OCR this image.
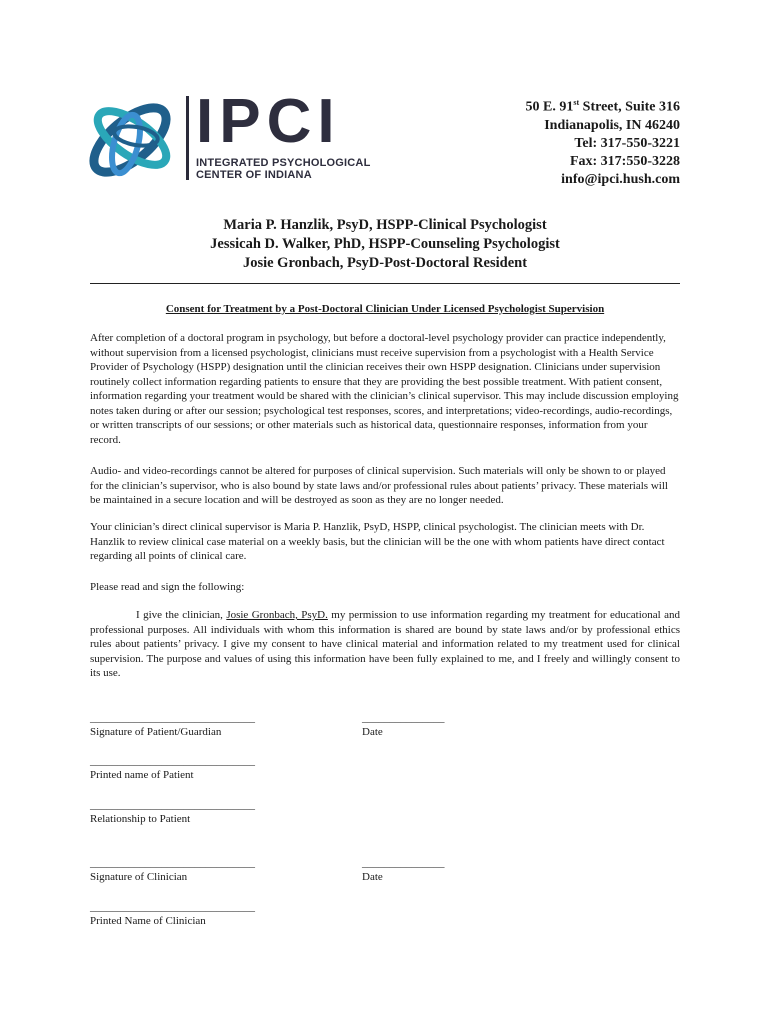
IPCI
INTEGRATED PSYCHOLOGICAL
CENTER OF INDIANA
50 E. 91st Street, Suite 316
Indianapolis, IN 46240
Tel: 317-550-3221
Fax: 317:550-3228
info@ipci.hush.com
Maria P. Hanzlik, PsyD, HSPP-Clinical Psychologist
Jessicah D. Walker, PhD, HSPP-Counseling Psychologist
Josie Gronbach, PsyD-Post-Doctoral Resident
Consent for Treatment by a Post-Doctoral Clinician Under Licensed Psychologist Supervision

After completion of a doctoral program in psychology, but before a doctoral-level psychology provider can practice independently, without supervision from a licensed psychologist, clinicians must receive supervision from a psychologist with a Health Service Provider of Psychology (HSPP) designation until the clinician receives their own HSPP designation. Clinicians under supervision routinely collect information regarding patients to ensure that they are providing the best possible treatment. With patient consent, information regarding your treatment would be shared with the clinician’s clinical supervisor. This may include discussion employing notes taken during or after our session; psychological test responses, scores, and interpretations; video-recordings, audio-recordings, or written transcripts of our sessions; or other materials such as historical data, questionnaire responses, information from your record.

Audio- and video-recordings cannot be altered for purposes of clinical supervision. Such materials will only be shown to or played for the clinician’s supervisor, who is also bound by state laws and/or professional rules about patients’ privacy. These materials will be maintained in a secure location and will be destroyed as soon as they are no longer needed.

Your clinician’s direct clinical supervisor is Maria P. Hanzlik, PsyD, HSPP, clinical psychologist. The clinician meets with Dr. Hanzlik to review clinical case material on a weekly basis, but the clinician will be the one with whom patients have direct contact regarding all points of clinical care.

Please read and sign the following:

I give the clinician, Josie Gronbach, PsyD. my permission to use information regarding my treatment for educational and professional purposes. All individuals with whom this information is shared are bound by state laws and/or by professional ethics rules about patients’ privacy. I give my consent to have clinical material and information related to my treatment used for clinical supervision. The purpose and values of using this information have been fully explained to me, and I freely and willingly consent to its use.

______________________________
Signature of Patient/Guardian
_______________
Date
______________________________
Printed name of Patient
______________________________
Relationship to Patient
______________________________
Signature of Clinician
_______________
Date
______________________________
Printed Name of Clinician
